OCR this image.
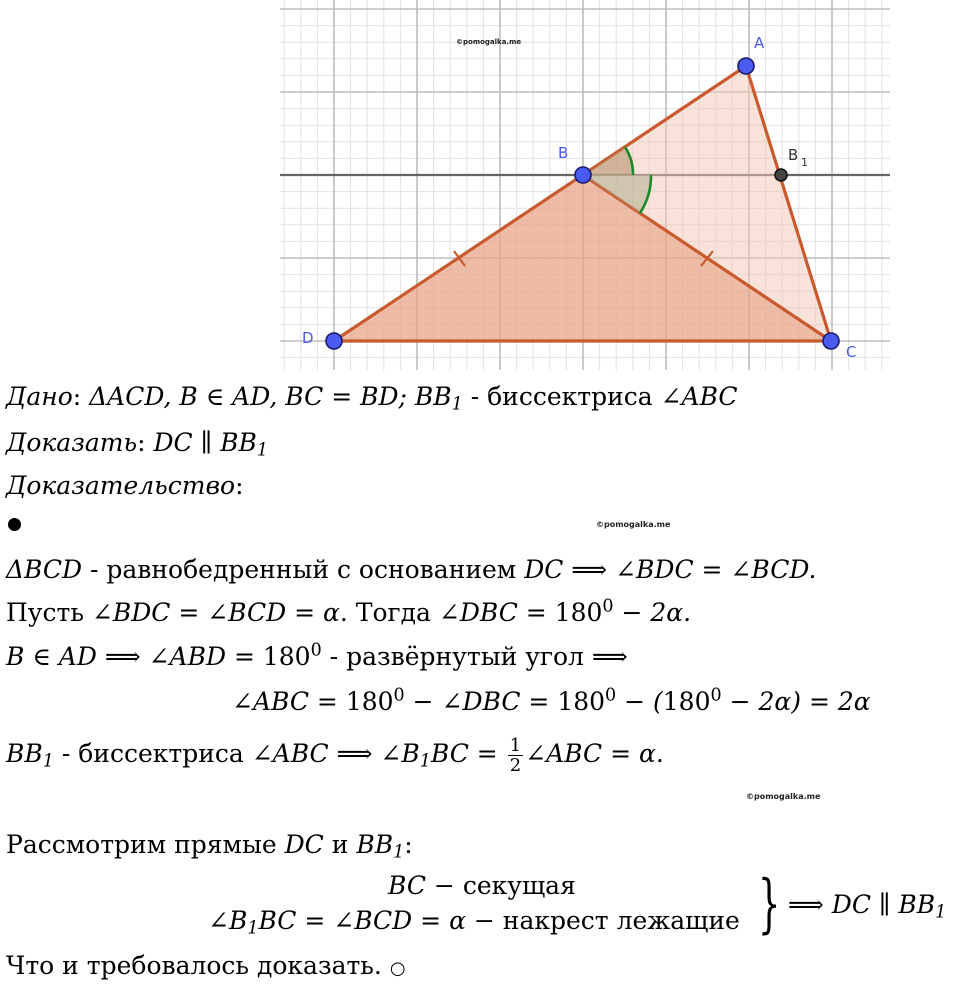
A
B
C
D
B 1
©pomogalka.me
Дано: ΔACD, B ∈ AD, BC = BD; $BB_1$ - биссектриса ∠ABC
Доказать: DC ∥ $BB_1$
Доказательство:
©pomogalka.me
ΔBCD - равнобедренный с основанием DC ⟹ ∠BDC = ∠BCD.
Пусть ∠BDC = ∠BCD = α. Тогда ∠DBC = $180^0 - 2\alpha$.
B ∈ AD ⟹ ∠ABD = $180^0$ - развёрнутый угол ⟹
∠ABC = $180^0$ − ∠DBC = $180^0 - (180^0 - 2\alpha) = 2\alpha$
$BB_1$ - биссектриса ∠ABC ⟹ $\angle B_1BC = \frac{1}{2}$ ∠ABC = α.
©pomogalka.me
Рассмотрим прямые DC и $BB_1$:
BC − секущая
$\angle B_1BC$ = ∠BCD = α − накрест лежащие } ⟹ DC ∥ $BB_1$
Что и требовалось доказать. ○
